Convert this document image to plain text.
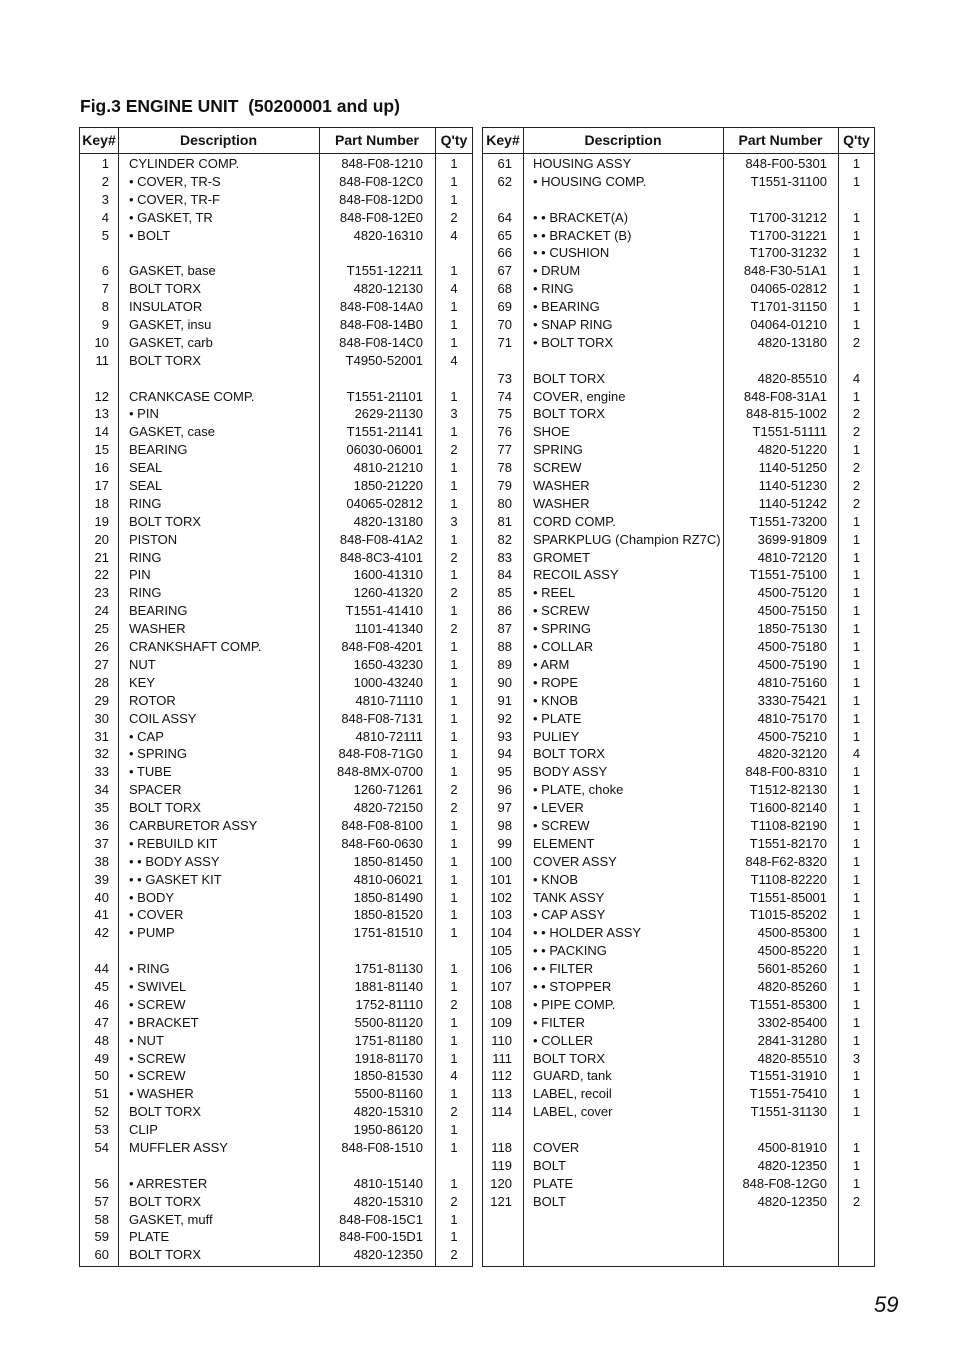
Fig.3 ENGINE UNIT  (50200001 and up)
Key#	Description	Part Number	Q'ty
1 CYLINDER COMP.	848-F08-1210	1
2 • COVER, TR-S	848-F08-12C0	1
3 • COVER, TR-F	848-F08-12D0	1
4 • GASKET, TR	848-F08-12E0	2
5 • BOLT	4820-16310	4
6 GASKET, base	T1551-12211	1
7 BOLT TORX	4820-12130	4
8 INSULATOR	848-F08-14A0	1
9 GASKET, insu	848-F08-14B0	1
10 GASKET, carb	848-F08-14C0	1
11 BOLT TORX	T4950-52001	4
12 CRANKCASE COMP.	T1551-21101	1
13 • PIN	2629-21130	3
14 GASKET, case	T1551-21141	1
15 BEARING	06030-06001	2
16 SEAL	4810-21210	1
17 SEAL	1850-21220	1
18 RING	04065-02812	1
19 BOLT TORX	4820-13180	3
20 PISTON	848-F08-41A2	1
21 RING	848-8C3-4101	2
22 PIN	1600-41310	1
23 RING	1260-41320	2
24 BEARING	T1551-41410	1
25 WASHER	1101-41340	2
26 CRANKSHAFT COMP.	848-F08-4201	1
27 NUT	1650-43230	1
28 KEY	1000-43240	1
29 ROTOR	4810-71110	1
30 COIL ASSY	848-F08-7131	1
31 • CAP	4810-72111	1
32 • SPRING	848-F08-71G0	1
33 • TUBE	848-8MX-0700	1
34 SPACER	1260-71261	2
35 BOLT TORX	4820-72150	2
36 CARBURETOR ASSY	848-F08-8100	1
37 • REBUILD KIT	848-F60-0630	1
38 • • BODY ASSY	1850-81450	1
39 • • GASKET KIT	4810-06021	1
40 • BODY	1850-81490	1
41 • COVER	1850-81520	1
42 • PUMP	1751-81510	1
44 • RING	1751-81130	1
45 • SWIVEL	1881-81140	1
46 • SCREW	1752-81110	2
47 • BRACKET	5500-81120	1
48 • NUT	1751-81180	1
49 • SCREW	1918-81170	1
50 • SCREW	1850-81530	4
51 • WASHER	5500-81160	1
52 BOLT TORX	4820-15310	2
53 CLIP	1950-86120	1
54 MUFFLER ASSY	848-F08-1510	1
56 • ARRESTER	4810-15140	1
57 BOLT TORX	4820-15310	2
58 GASKET, muff	848-F08-15C1	1
59 PLATE	848-F00-15D1	1
60 BOLT TORX	4820-12350	2
Key#	Description	Part Number	Q'ty
61 HOUSING ASSY	848-F00-5301	1
62 • HOUSING COMP.	T1551-31100	1
64 • • BRACKET(A)	T1700-31212	1
65 • • BRACKET (B)	T1700-31221	1
66 • • CUSHION	T1700-31232	1
67 • DRUM	848-F30-51A1	1
68 • RING	04065-02812	1
69 • BEARING	T1701-31150	1
70 • SNAP RING	04064-01210	1
71 • BOLT TORX	4820-13180	2
73 BOLT TORX	4820-85510	4
74 COVER, engine	848-F08-31A1	1
75 BOLT TORX	848-815-1002	2
76 SHOE	T1551-51111	2
77 SPRING	4820-51220	1
78 SCREW	1140-51250	2
79 WASHER	1140-51230	2
80 WASHER	1140-51242	2
81 CORD COMP.	T1551-73200	1
82 SPARKPLUG (Champion RZ7C)	3699-91809	1
83 GROMET	4810-72120	1
84 RECOIL ASSY	T1551-75100	1
85 • REEL	4500-75120	1
86 • SCREW	4500-75150	1
87 • SPRING	1850-75130	1
88 • COLLAR	4500-75180	1
89 • ARM	4500-75190	1
90 • ROPE	4810-75160	1
91 • KNOB	3330-75421	1
92 • PLATE	4810-75170	1
93 PULIEY	4500-75210	1
94 BOLT TORX	4820-32120	4
95 BODY ASSY	848-F00-8310	1
96 • PLATE, choke	T1512-82130	1
97 • LEVER	T1600-82140	1
98 • SCREW	T1108-82190	1
99 ELEMENT	T1551-82170	1
100 COVER ASSY	848-F62-8320	1
101 • KNOB	T1108-82220	1
102 TANK ASSY	T1551-85001	1
103 • CAP ASSY	T1015-85202	1
104 • • HOLDER ASSY	4500-85300	1
105 • • PACKING	4500-85220	1
106 • • FILTER	5601-85260	1
107 • • STOPPER	4820-85260	1
108 • PIPE COMP.	T1551-85300	1
109 • FILTER	3302-85400	1
110 • COLLER	2841-31280	1
111 BOLT TORX	4820-85510	3
112 GUARD, tank	T1551-31910	1
113 LABEL, recoil	T1551-75410	1
114 LABEL, cover	T1551-31130	1
118 COVER	4500-81910	1
119 BOLT	4820-12350	1
120 PLATE	848-F08-12G0	1
121 BOLT	4820-12350	2
59
